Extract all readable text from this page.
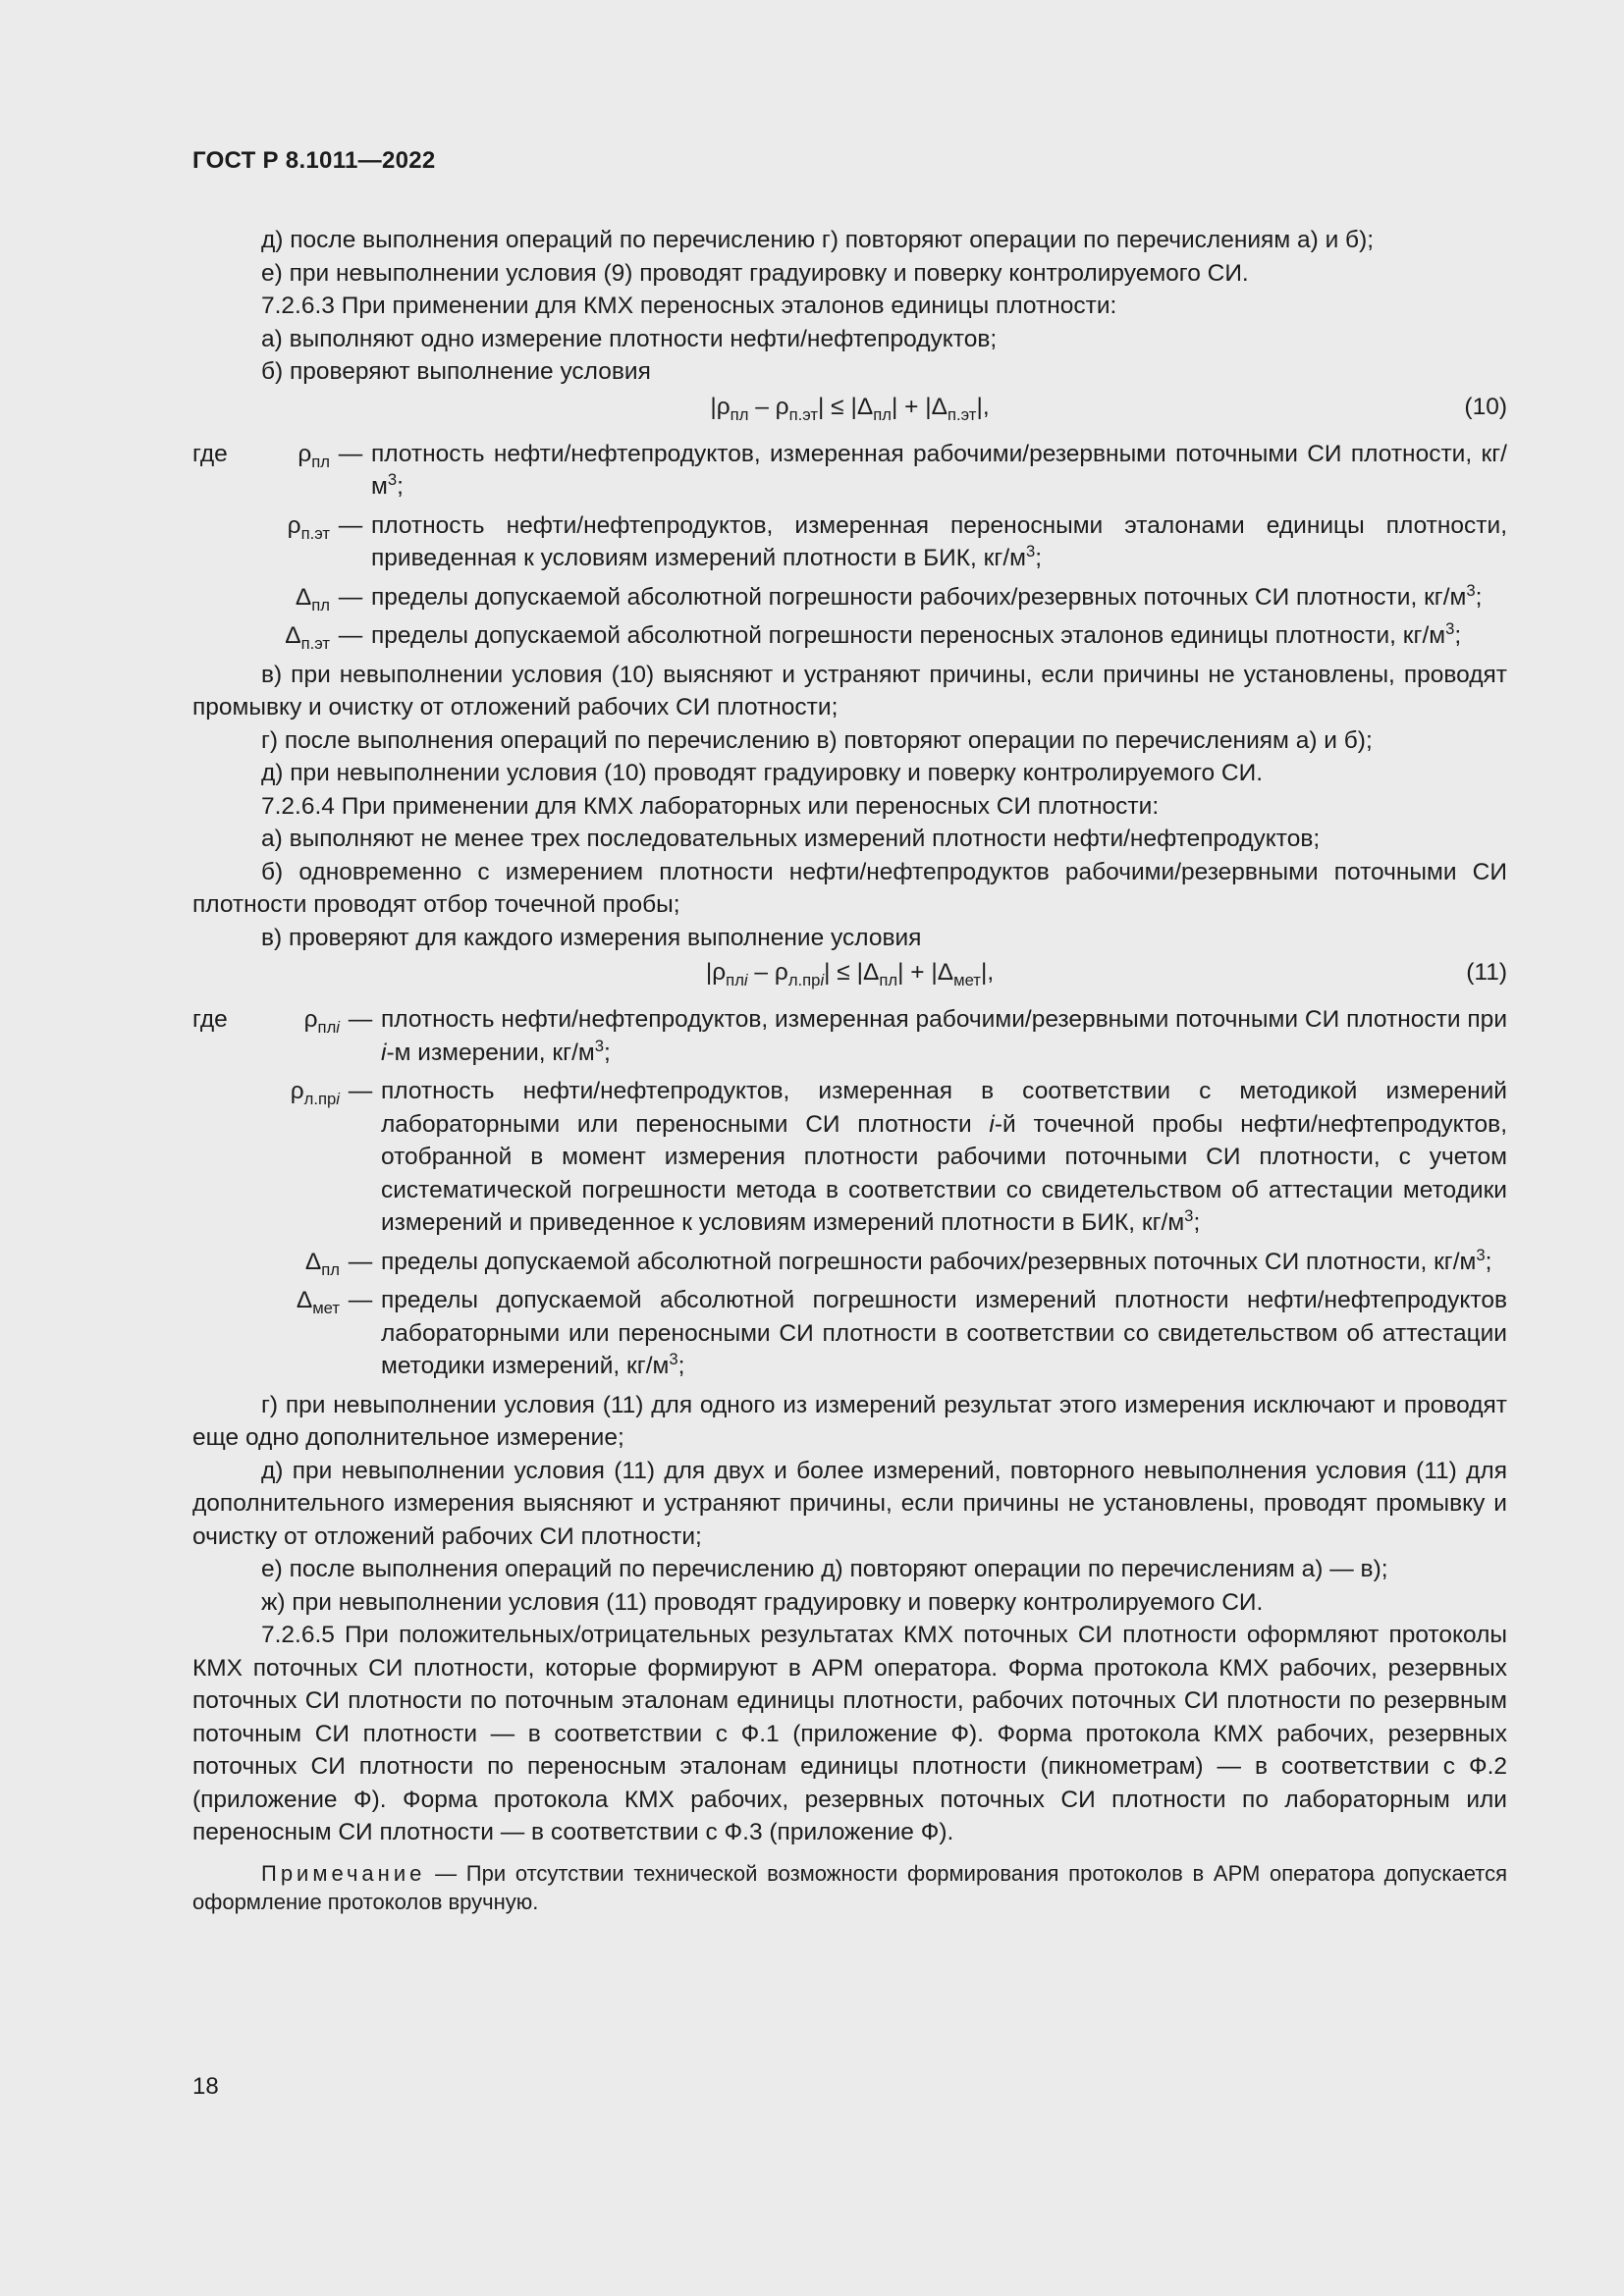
ГОСТ Р 8.1011—2022

д) после выполнения операций по перечислению г) повторяют операции по перечислениям а) и б);

е) при невыполнении условия (9) проводят градуировку и поверку контролируемого СИ.

7.2.6.3 При применении для КМХ переносных эталонов единицы плотности:

а) выполняют одно измерение плотности нефти/нефтепродуктов;

б) проверяют выполнение условия

$|\rho_{пл} - \rho_{п.эт}| \le |\Delta_{пл}| + |\Delta_{п.эт}|$,	(10)
где	$\rho_{пл}$ — плотность нефти/нефтепродуктов, измеренная рабочими/резервными поточными СИ плотности, $кг/м^3$;
$\rho_{п.эт}$ — плотность нефти/нефтепродуктов, измеренная переносными эталонами единицы плотности, приведенная к условиям измерений плотности в БИК, $кг/м^3$;
$\Delta_{пл}$ — пределы допускаемой абсолютной погрешности рабочих/резервных поточных СИ плотности, $кг/м^3$;
$\Delta_{п.эт}$ — пределы допускаемой абсолютной погрешности переносных эталонов единицы плотности, $кг/м^3$;

в) при невыполнении условия (10) выясняют и устраняют причины, если причины не установлены, проводят промывку и очистку от отложений рабочих СИ плотности;

г) после выполнения операций по перечислению в) повторяют операции по перечислениям а) и б);

д) при невыполнении условия (10) проводят градуировку и поверку контролируемого СИ.

7.2.6.4 При применении для КМХ лабораторных или переносных СИ плотности:

а) выполняют не менее трех последовательных измерений плотности нефти/нефтепродуктов;

б) одновременно с измерением плотности нефти/нефтепродуктов рабочими/резервными поточными СИ плотности проводят отбор точечной пробы;

в) проверяют для каждого измерения выполнение условия

$|\rho_{плi} - \rho_{л.прi}| \le |\Delta_{пл}| + |\Delta_{мет}|$,	(11)
где	$\rho_{плi}$ — плотность нефти/нефтепродуктов, измеренная рабочими/резервными поточными СИ плотности при i-м измерении, $кг/м^3$;
$\rho_{л.прi}$ — плотность нефти/нефтепродуктов, измеренная в соответствии с методикой измерений лабораторными или переносными СИ плотности i-й точечной пробы нефти/нефтепродуктов, отобранной в момент измерения плотности рабочими поточными СИ плотности, с учетом систематической погрешности метода в соответствии со свидетельством об аттестации методики измерений и приведенное к условиям измерений плотности в БИК, $кг/м^3$;
$\Delta_{пл}$ — пределы допускаемой абсолютной погрешности рабочих/резервных поточных СИ плотности, $кг/м^3$;
$\Delta_{мет}$ — пределы допускаемой абсолютной погрешности измерений плотности нефти/нефтепродуктов лабораторными или переносными СИ плотности в соответствии со свидетельством об аттестации методики измерений, $кг/м^3$;

г) при невыполнении условия (11) для одного из измерений результат этого измерения исключают и проводят еще одно дополнительное измерение;

д) при невыполнении условия (11) для двух и более измерений, повторного невыполнения условия (11) для дополнительного измерения выясняют и устраняют причины, если причины не установлены, проводят промывку и очистку от отложений рабочих СИ плотности;

е) после выполнения операций по перечислению д) повторяют операции по перечислениям а) — в);

ж) при невыполнении условия (11) проводят градуировку и поверку контролируемого СИ.

7.2.6.5 При положительных/отрицательных результатах КМХ поточных СИ плотности оформляют протоколы КМХ поточных СИ плотности, которые формируют в АРМ оператора. Форма протокола КМХ рабочих, резервных поточных СИ плотности по поточным эталонам единицы плотности, рабочих поточных СИ плотности по резервным поточным СИ плотности — в соответствии с Ф.1 (приложение Ф). Форма протокола КМХ рабочих, резервных поточных СИ плотности по переносным эталонам единицы плотности (пикнометрам) — в соответствии с Ф.2 (приложение Ф). Форма протокола КМХ рабочих, резервных поточных СИ плотности по лабораторным или переносным СИ плотности — в соответствии с Ф.3 (приложение Ф).

Примечание — При отсутствии технической возможности формирования протоколов в АРМ оператора допускается оформление протоколов вручную.

18
